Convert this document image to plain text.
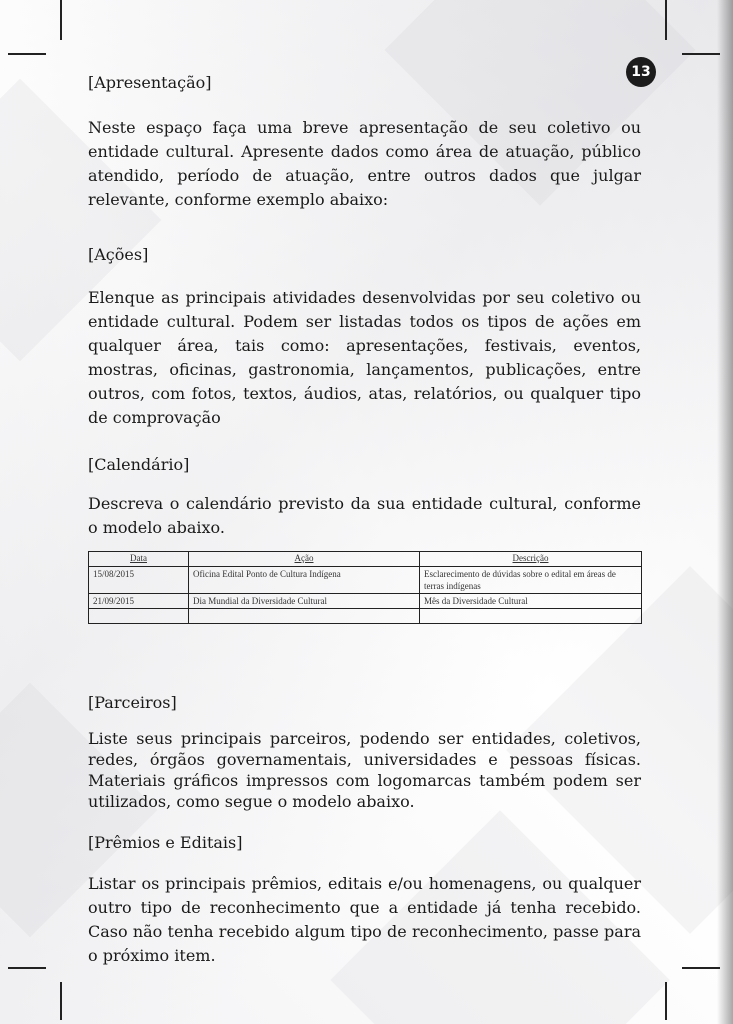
13

[Apresentação]

Neste espaço faça uma breve apresentação de seu coletivo ou entidade cultural. Apresente dados como área de atuação, público atendido, período de atuação, entre outros dados que julgar relevante, conforme exemplo abaixo:

[Ações]

Elenque as principais atividades desenvolvidas por seu coletivo ou entidade cultural. Podem ser listadas todos os tipos de ações em qualquer área, tais como: apresentações, festivais, eventos, mostras, oficinas, gastronomia, lançamentos, publicações, entre outros, com fotos, textos, áudios, atas, relatórios, ou qualquer tipo de comprovação

[Calendário]

Descreva o calendário previsto da sua entidade cultural, conforme o modelo abaixo.

[Parceiros]

Liste seus principais parceiros, podendo ser entidades, coletivos, redes, órgãos governamentais, universidades e pessoas físicas. Materiais gráficos impressos com logomarcas também podem ser utilizados, como segue o modelo abaixo.

[Prêmios e Editais]

Listar os principais prêmios, editais e/ou homenagens, ou qualquer outro tipo de reconhecimento que a entidade já tenha recebido. Caso não tenha recebido algum tipo de reconhecimento, passe para o próximo item.

Data	Ação	Descrição
15/08/2015	Oficina Edital Ponto de Cultura Indígena	Esclarecimento de dúvidas sobre o edital em áreas de terras indígenas
21/09/2015	Dia Mundial da Diversidade Cultural	Mês da Diversidade Cultural
